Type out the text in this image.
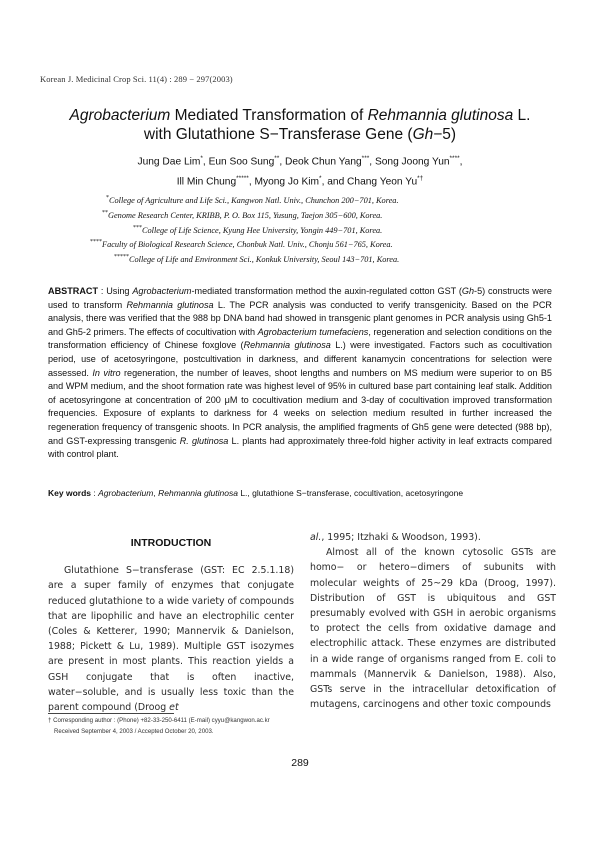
Korean J. Medicinal Crop Sci. 11(4) : 289 − 297(2003)
Agrobacterium Mediated Transformation of Rehmannia glutinosa L.
with Glutathione S−Transferase Gene (Gh−5)
Jung Dae Lim*, Eun Soo Sung**, Deok Chun Yang***, Song Joong Yun****,
Ill Min Chung*****, Myong Jo Kim*, and Chang Yeon Yu*†
*College of Agriculture and Life Sci., Kangwon Natl. Univ., Chunchon 200−701, Korea.
**Genome Research Center, KRIBB, P. O. Box 115, Yusung, Taejon 305−600, Korea.
***College of Life Science, Kyung Hee University, Yongin 449−701, Korea.
****Faculty of Biological Research Science, Chonbuk Natl. Univ., Chonju 561−765, Korea.
*****College of Life and Environment Sci., Konkuk University, Seoul 143−701, Korea.
ABSTRACT : Using Agrobacterium-mediated transformation method the auxin-regulated cotton GST (Gh-5) constructs were used to transform Rehmannia glutinosa L. The PCR analysis was conducted to verify transgenicity. Based on the PCR analysis, there was verified that the 988 bp DNA band had showed in transgenic plant genomes in PCR analysis using Gh5-1 and Gh5-2 primers. The effects of cocultivation with Agrobacterium tumefaciens, regeneration and selection conditions on the transformation efficiency of Chinese foxglove (Rehmannia glutinosa L.) were investigated. Factors such as cocultivation period, use of acetosyringone, postcultivation in darkness, and different kanamycin concentrations for selection were assessed. In vitro regeneration, the number of leaves, shoot lengths and numbers on MS medium were superior to on B5 and WPM medium, and the shoot formation rate was highest level of 95% in cultured base part containing leaf stalk. Addition of acetosyringone at concentration of 200 μM to cocultivation medium and 3-day of cocultivation improved transformation frequencies. Exposure of explants to darkness for 4 weeks on selection medium resulted in further increased the regeneration frequency of transgenic shoots. In PCR analysis, the amplified fragments of Gh5 gene were detected (988 bp), and GST-expressing transgenic R. glutinosa L. plants had approximately three-fold higher activity in leaf extracts compared with control plant.
Key words : Agrobacterium, Rehmannia glutinosa L., glutathione S−transferase, cocultivation, acetosyringone
INTRODUCTION

Glutathione S−transferase (GST: EC 2.5.1.18) are a super family of enzymes that conjugate reduced glutathione to a wide variety of compounds that are lipophilic and have an electrophilic center (Coles & Ketterer, 1990; Mannervik & Danielson, 1988; Pickett & Lu, 1989). Multiple GST isozymes are present in most plants. This reaction yields a GSH conjugate that is often inactive, water−soluble, and is usually less toxic than the parent compound (Droog et

al., 1995; Itzhaki & Woodson, 1993).

Almost all of the known cytosolic GSTs are homo− or hetero−dimers of subunits with molecular weights of 25~29 kDa (Droog, 1997). Distribution of GST is ubiquitous and GST presumably evolved with GSH in aerobic organisms to protect the cells from oxidative damage and electrophilic attack. These enzymes are distributed in a wide range of organisms ranged from E. coli to mammals (Mannervik & Danielson, 1988). Also, GSTs serve in the intracellular detoxification of mutagens, carcinogens and other toxic compounds

† Corresponding author : (Phone) +82-33-250-6411 (E-mail) cyyu@kangwon.ac.kr
Received September 4, 2003 / Accepted October 20, 2003.
289
